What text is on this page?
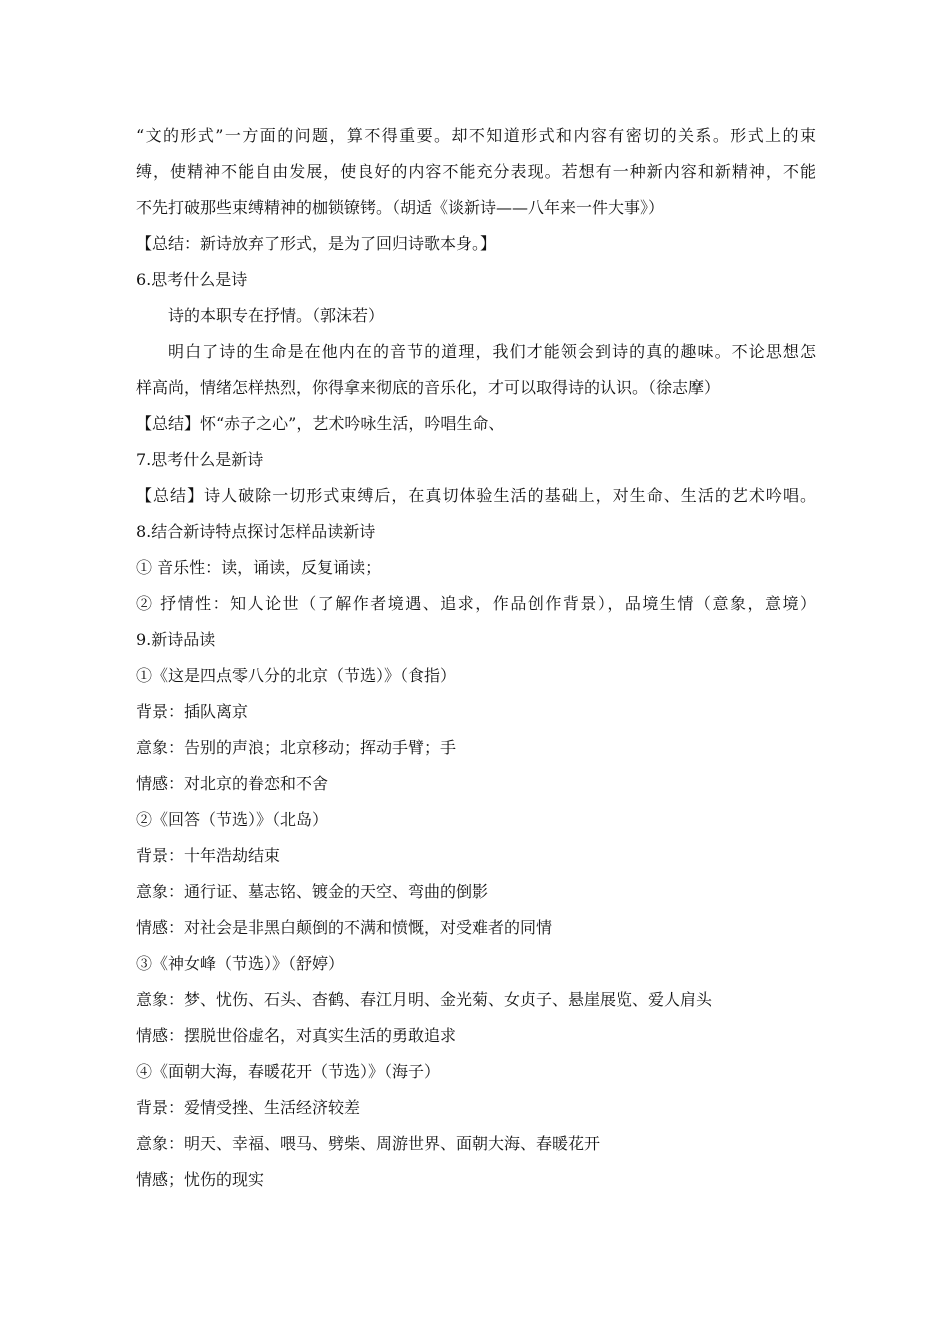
“文的形式”一方面的问题，算不得重要。却不知道形式和内容有密切的关系。形式上的束
缚，使精神不能自由发展，使良好的内容不能充分表现。若想有一种新内容和新精神，不能
不先打破那些束缚精神的枷锁镣铐。（胡适《谈新诗——八年来一件大事》）
【总结：新诗放弃了形式，是为了回归诗歌本身。】
6.思考什么是诗
诗的本职专在抒情。（郭沫若）
明白了诗的生命是在他内在的音节的道理，我们才能领会到诗的真的趣味。不论思想怎
样高尚，情绪怎样热烈，你得拿来彻底的音乐化，才可以取得诗的认识。（徐志摩）
【总结】怀“赤子之心”，艺术吟咏生活，吟唱生命、
7.思考什么是新诗
【总结】诗人破除一切形式束缚后，在真切体验生活的基础上，对生命、生活的艺术吟唱。
8.结合新诗特点探讨怎样品读新诗
① 音乐性：读，诵读，反复诵读；
② 抒情性：知人论世（了解作者境遇、追求，作品创作背景），品境生情（意象，意境）
9.新诗品读
①《这是四点零八分的北京（节选）》（食指）
背景：插队离京
意象：告别的声浪；北京移动；挥动手臂；手
情感：对北京的眷恋和不舍
②《回答（节选）》（北岛）
背景：十年浩劫结束
意象：通行证、墓志铭、镀金的天空、弯曲的倒影
情感：对社会是非黑白颠倒的不满和愤慨，对受难者的同情
③《神女峰（节选）》（舒婷）
意象：梦、忧伤、石头、杳鹤、春江月明、金光菊、女贞子、悬崖展览、爱人肩头
情感：摆脱世俗虚名，对真实生活的勇敢追求
④《面朝大海，春暖花开（节选）》（海子）
背景：爱情受挫、生活经济较差
意象：明天、幸福、喂马、劈柴、周游世界、面朝大海、春暖花开
情感；忧伤的现实
